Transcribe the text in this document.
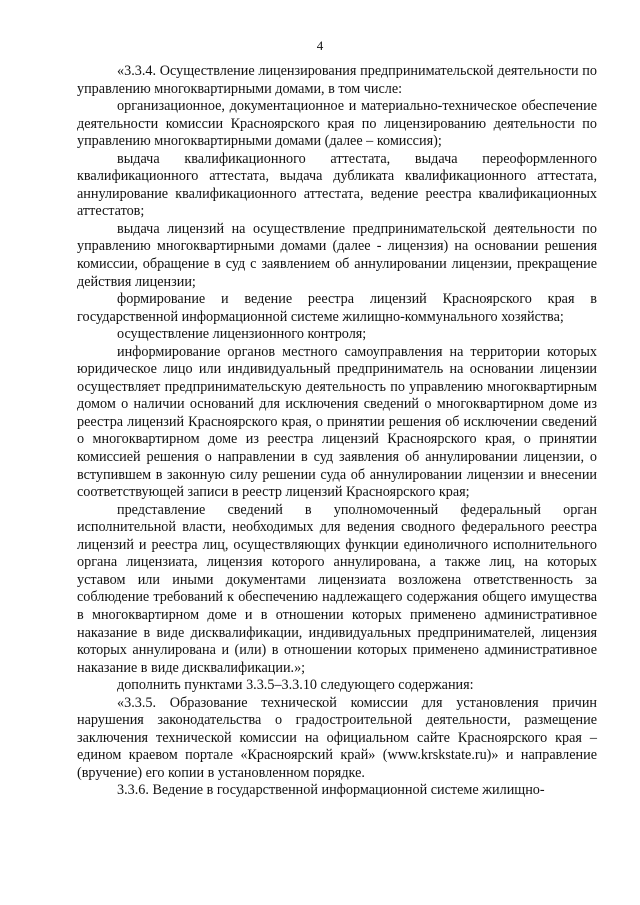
4

«3.3.4. Осуществление лицензирования предпринимательской деятельности по управлению многоквартирными домами, в том числе:

организационное, документационное и материально-техническое обеспечение деятельности комиссии Красноярского края по лицензированию деятельности по управлению многоквартирными домами (далее – комиссия);

выдача квалификационного аттестата, выдача переоформленного квалификационного аттестата, выдача дубликата квалификационного аттестата, аннулирование квалификационного аттестата, ведение реестра квалификационных аттестатов;

выдача лицензий на осуществление предпринимательской деятельности по управлению многоквартирными домами (далее - лицензия) на основании решения комиссии, обращение в суд с заявлением об аннулировании лицензии, прекращение действия лицензии;

формирование и ведение реестра лицензий Красноярского края в государственной информационной системе жилищно-коммунального хозяйства;

осуществление лицензионного контроля;

информирование органов местного самоуправления на территории которых юридическое лицо или индивидуальный предприниматель на основании лицензии осуществляет предпринимательскую деятельность по управлению многоквартирным домом о наличии оснований для исключения сведений о многоквартирном доме из реестра лицензий Красноярского края, о принятии решения об исключении сведений о многоквартирном доме из реестра лицензий Красноярского края, о принятии комиссией решения о направлении в суд заявления об аннулировании лицензии, о вступившем в законную силу решении суда об аннулировании лицензии и внесении соответствующей записи в реестр лицензий Красноярского края;

представление сведений в уполномоченный федеральный орган исполнительной власти, необходимых для ведения сводного федерального реестра лицензий и реестра лиц, осуществляющих функции единоличного исполнительного органа лицензиата, лицензия которого аннулирована, а также лиц, на которых уставом или иными документами лицензиата возложена ответственность за соблюдение требований к обеспечению надлежащего содержания общего имущества в многоквартирном доме и в отношении которых применено административное наказание в виде дисквалификации, индивидуальных предпринимателей, лицензия которых аннулирована и (или) в отношении которых применено административное наказание в виде дисквалификации.»;

дополнить пунктами 3.3.5–3.3.10 следующего содержания:

«3.3.5. Образование технической комиссии для установления причин нарушения законодательства о градостроительной деятельности, размещение заключения технической комиссии на официальном сайте Красноярского края – едином краевом портале «Красноярский край» (www.krskstate.ru)» и направление (вручение) его копии в установленном порядке.

3.3.6. Ведение в государственной информационной системе жилищно-
